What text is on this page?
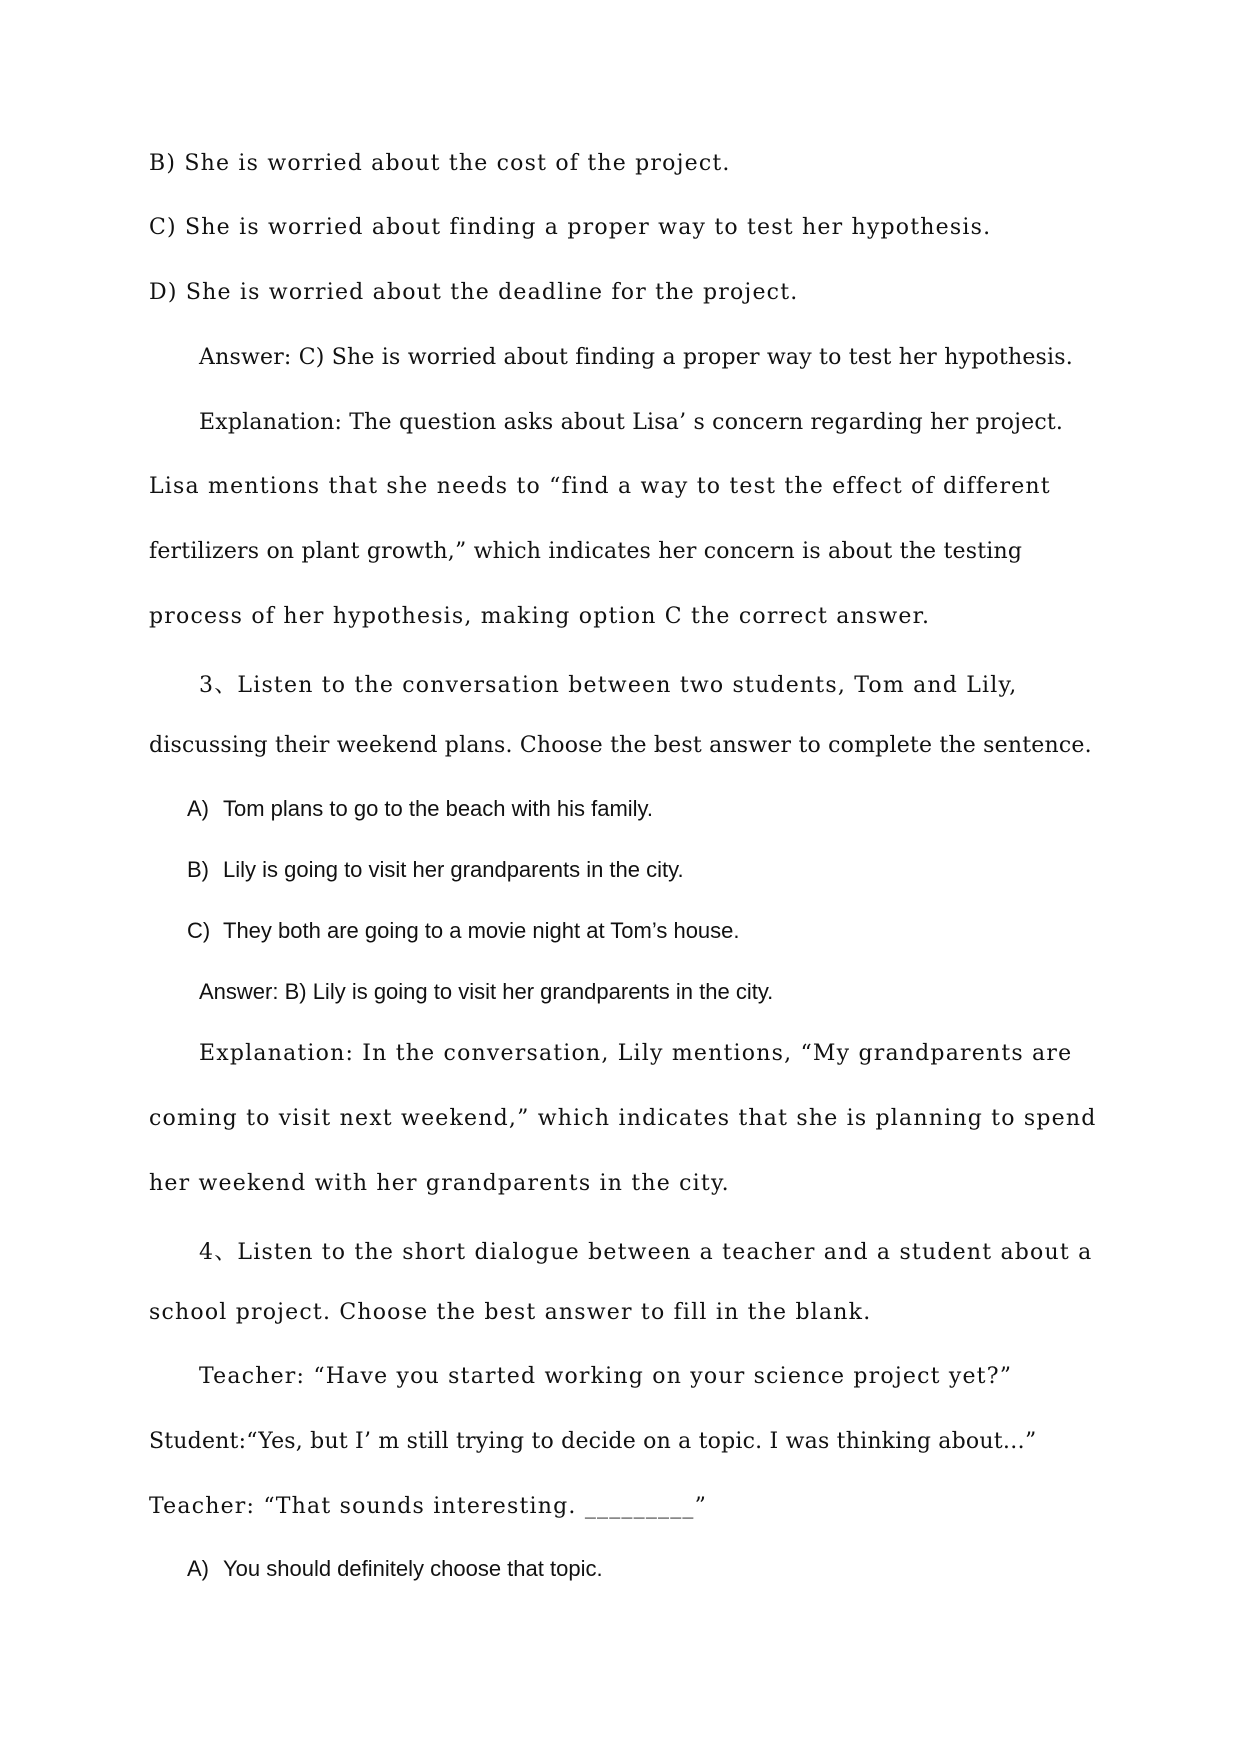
B) She is worried about the cost of the project.
C) She is worried about finding a proper way to test her hypothesis.
D) She is worried about the deadline for the project.
Answer: C) She is worried about finding a proper way to test her hypothesis.
Explanation: The question asks about Lisa’ s concern regarding her project.
Lisa mentions that she needs to “find a way to test the effect of different
fertilizers on plant growth,” which indicates her concern is about the testing
process of her hypothesis, making option C the correct answer.
3、Listen to the conversation between two students, Tom and Lily,
discussing their weekend plans. Choose the best answer to complete the sentence.
A) Tom plans to go to the beach with his family.
B) Lily is going to visit her grandparents in the city.
C) They both are going to a movie night at Tom’s house.
Answer: B) Lily is going to visit her grandparents in the city.
Explanation: In the conversation, Lily mentions, “My grandparents are
coming to visit next weekend,” which indicates that she is planning to spend
her weekend with her grandparents in the city.
4、Listen to the short dialogue between a teacher and a student about a
school project. Choose the best answer to fill in the blank.
Teacher: “Have you started working on your science project yet?”
Student:“Yes, but I’ m still trying to decide on a topic. I was thinking about…”
Teacher: “That sounds interesting. _________”
A) You should definitely choose that topic.
